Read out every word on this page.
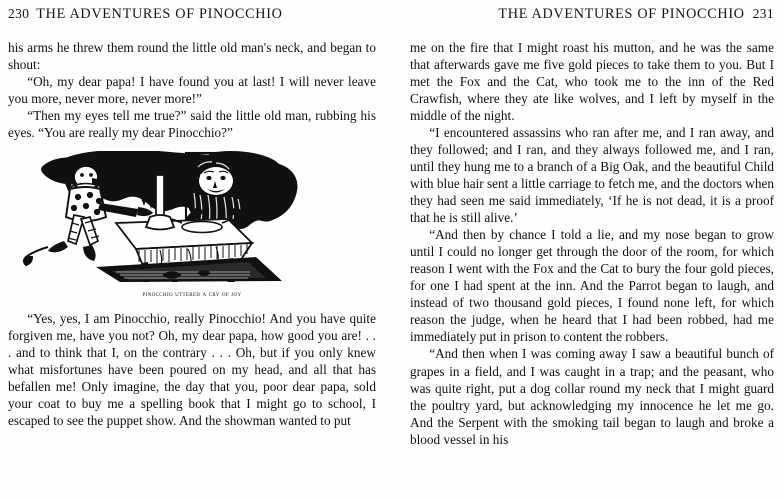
230 THE ADVENTURES OF PINOCCHIO

his arms he threw them round the little old man's neck, and began to shout:

“Oh, my dear papa! I have found you at last! I will never leave you more, never more, never more!”

“Then my eyes tell me true?” said the little old man, rubbing his eyes. “You are really my dear Pinocchio?”

pinocchio uttered a cry of joy

“Yes, yes, I am Pinocchio, really Pinocchio! And you have quite forgiven me, have you not? Oh, my dear papa, how good you are! . . . and to think that I, on the contrary . . . Oh, but if you only knew what misfortunes have been poured on my head, and all that has befallen me! Only imagine, the day that you, poor dear papa, sold your coat to buy me a spelling book that I might go to school, I escaped to see the puppet show. And the showman wanted to put

THE ADVENTURES OF PINOCCHIO 231

me on the fire that I might roast his mutton, and he was the same that afterwards gave me five gold pieces to take them to you. But I met the Fox and the Cat, who took me to the inn of the Red Crawfish, where they ate like wolves, and I left by myself in the middle of the night.

“I encountered assassins who ran after me, and I ran away, and they followed; and I ran, and they always followed me, and I ran, until they hung me to a branch of a Big Oak, and the beautiful Child with blue hair sent a little carriage to fetch me, and the doctors when they had seen me said immediately, ‘If he is not dead, it is a proof that he is still alive.’

“And then by chance I told a lie, and my nose began to grow until I could no longer get through the door of the room, for which reason I went with the Fox and the Cat to bury the four gold pieces, for one I had spent at the inn. And the Parrot began to laugh, and instead of two thousand gold pieces, I found none left, for which reason the judge, when he heard that I had been robbed, had me immediately put in prison to content the robbers.

“And then when I was coming away I saw a beautiful bunch of grapes in a field, and I was caught in a trap; and the peasant, who was quite right, put a dog collar round my neck that I might guard the poultry yard, but acknowledging my innocence he let me go. And the Serpent with the smoking tail began to laugh and broke a blood vessel in his
